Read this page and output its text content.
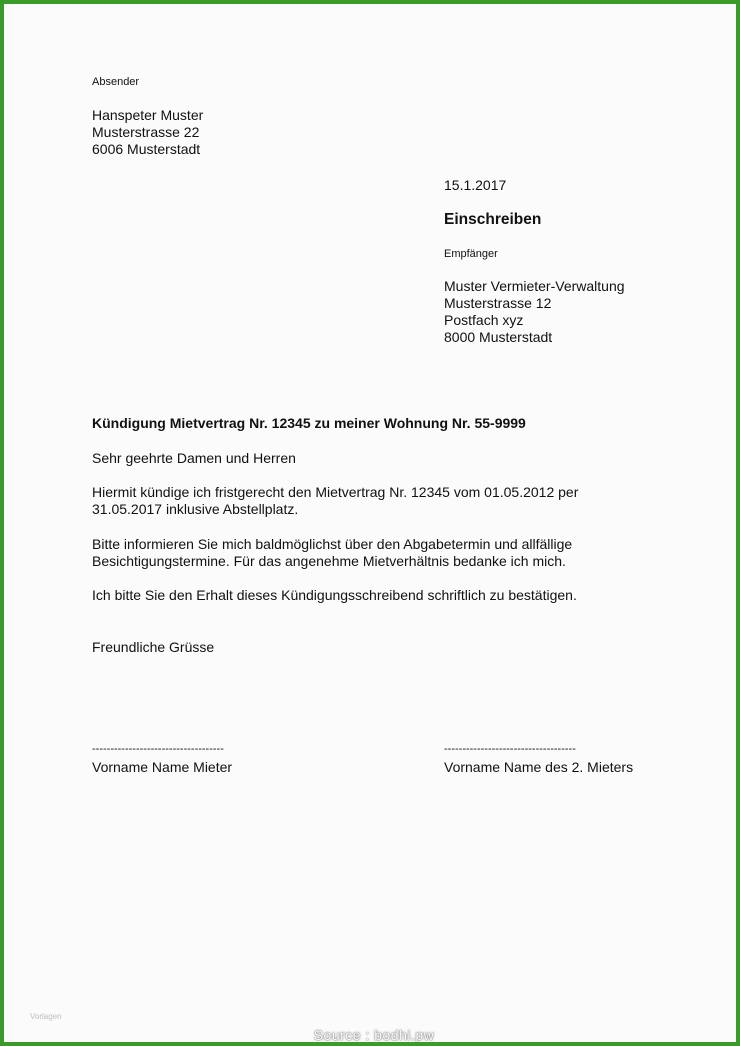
Absender
Hanspeter Muster
Musterstrasse 22
6006 Musterstadt
15.1.2017
Einschreiben
Empfänger
Muster Vermieter-Verwaltung
Musterstrasse 12
Postfach xyz
8000 Musterstadt
Kündigung Mietvertrag Nr. 12345 zu meiner Wohnung Nr. 55-9999
Sehr geehrte Damen und Herren
Hiermit kündige ich fristgerecht den Mietvertrag Nr. 12345 vom 01.05.2012 per
31.05.2017 inklusive Abstellplatz.
Bitte informieren Sie mich baldmöglichst über den Abgabetermin und allfällige
Besichtigungstermine. Für das angenehme Mietverhältnis bedanke ich mich.
Ich bitte Sie den Erhalt dieses Kündigungsschreibend schriftlich zu bestätigen.
Freundliche Grüsse
------------------------------------
Vorname Name Mieter
------------------------------------
Vorname Name des 2. Mieters
Vorlagen
Source : bodhi.pw
